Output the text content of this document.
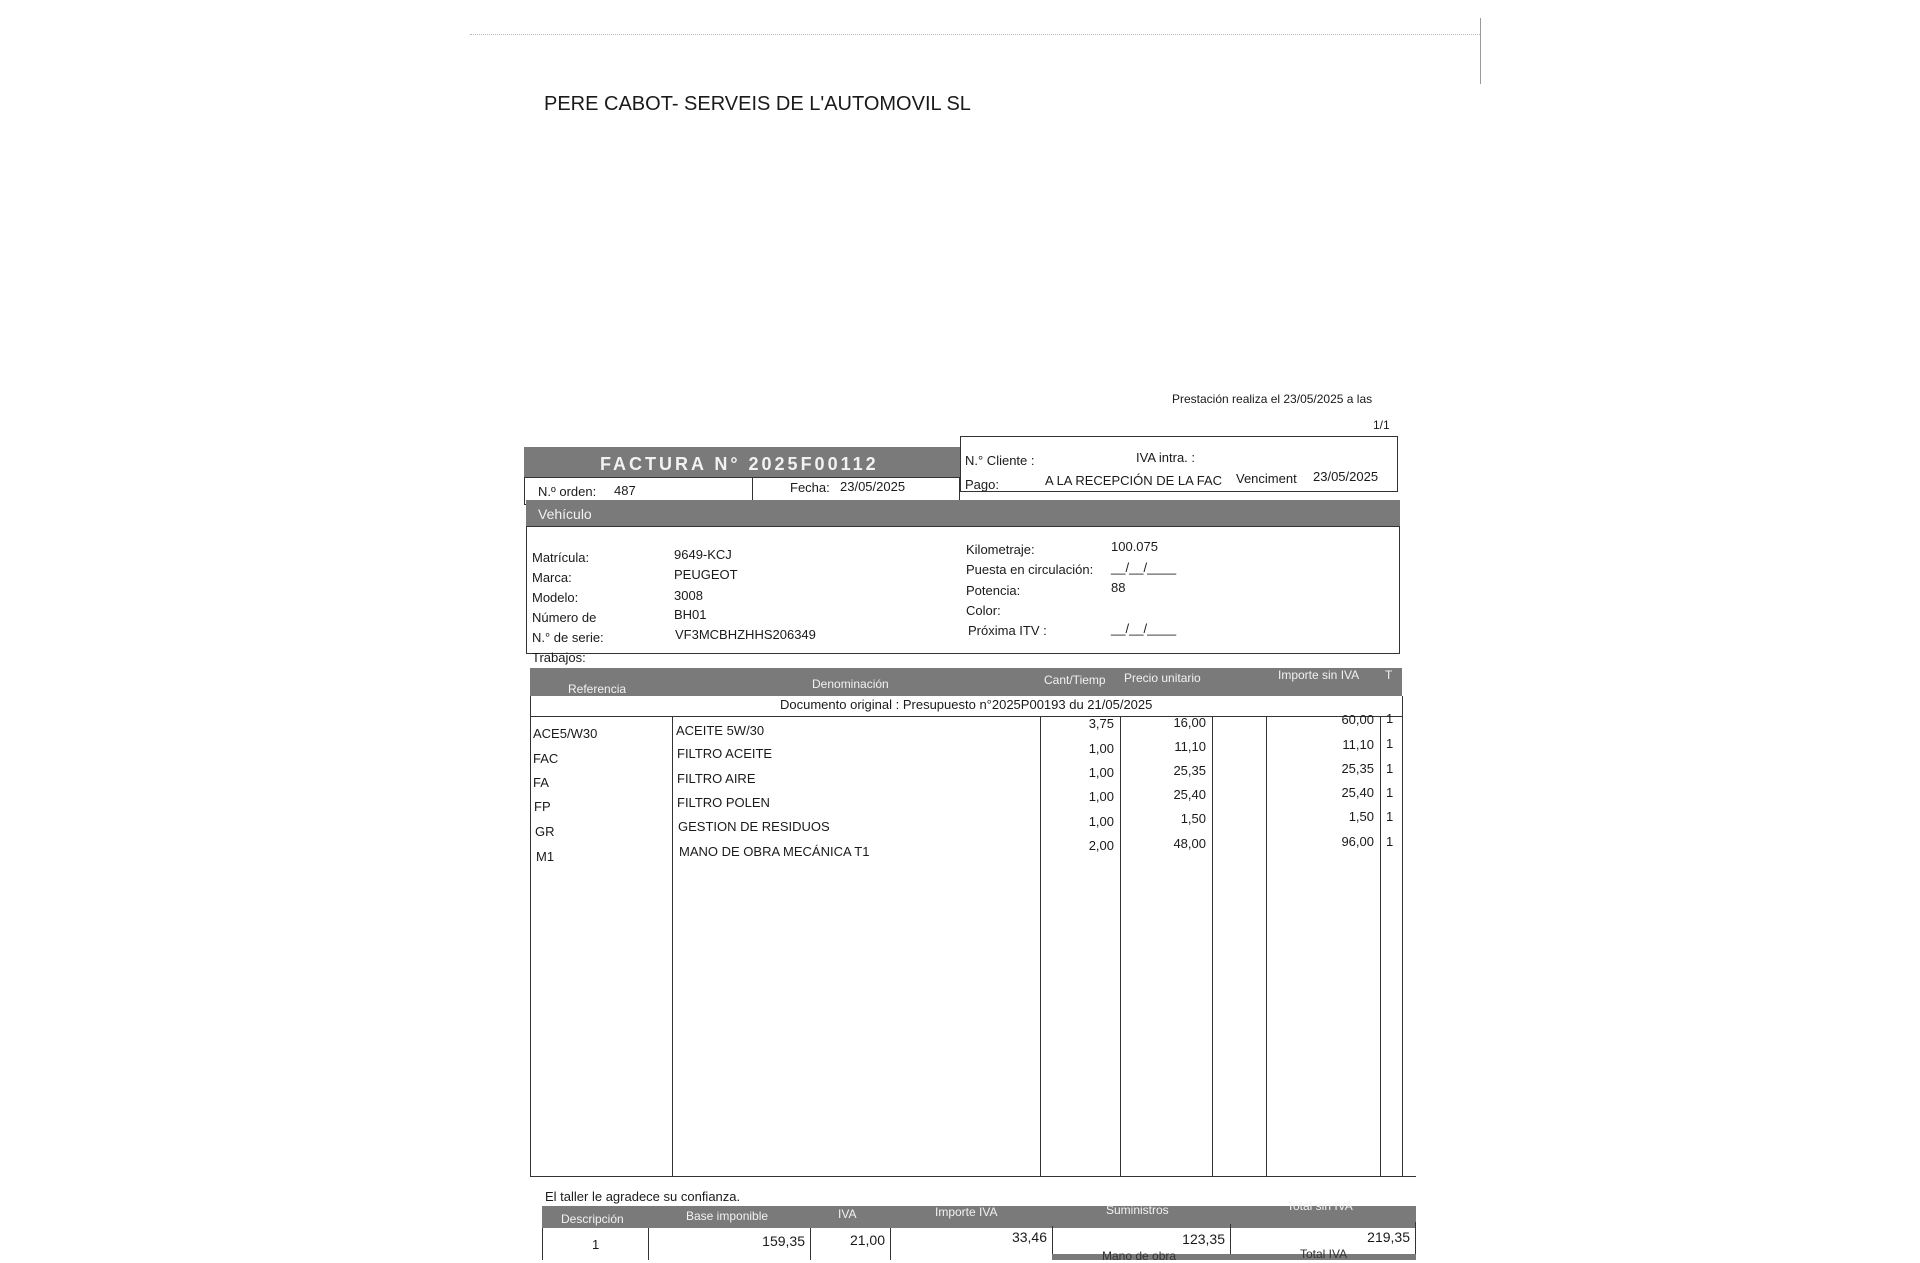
PERE CABOT- SERVEIS DE L'AUTOMOVIL SL
Prestación realiza el 23/05/2025 a las
1/1
FACTURA N° 2025F00112
N.º orden: 487	Fecha: 23/05/2025
N.° Cliente :	IVA intra. :
Pago:	A LA RECEPCIÓN DE LA FAC Venciment 23/05/2025
Vehículo
Matrícula:	9649-KCJ
Marca:	PEUGEOT
Modelo:	3008
Número de	BH01
N.° de serie:	VF3MCBHZHHS206349
Trabajos:
Kilometraje:	100.075
Puesta en circulación: __/__/____
Potencia:	88
Color:
Próxima ITV :	__/__/____
Referencia	Denominación	Cant/Tiemp Precio unitario	Importe sin IVA T
Documento original : Presupuesto n°2025P00193 du 21/05/2025
ACE5/W30	ACEITE 5W/30	3,75	16,00	60,00 1
FAC	FILTRO ACEITE	1,00	11,10	11,10 1
FA	FILTRO AIRE	1,00	25,35	25,35 1
FP	FILTRO POLEN	1,00	25,40	25,40 1
GR	GESTION DE RESIDUOS	1,00	1,50	1,50 1
M1	MANO DE OBRA MECÁNICA T1	2,00	48,00	96,00 1
El taller le agradece su confianza.
Descripción	Base imponible	IVA	Importe IVA	Suministros	Total sin IVA
1	159,35	21,00	33,46	123,35	219,35
Mano de obra	Total IVA
